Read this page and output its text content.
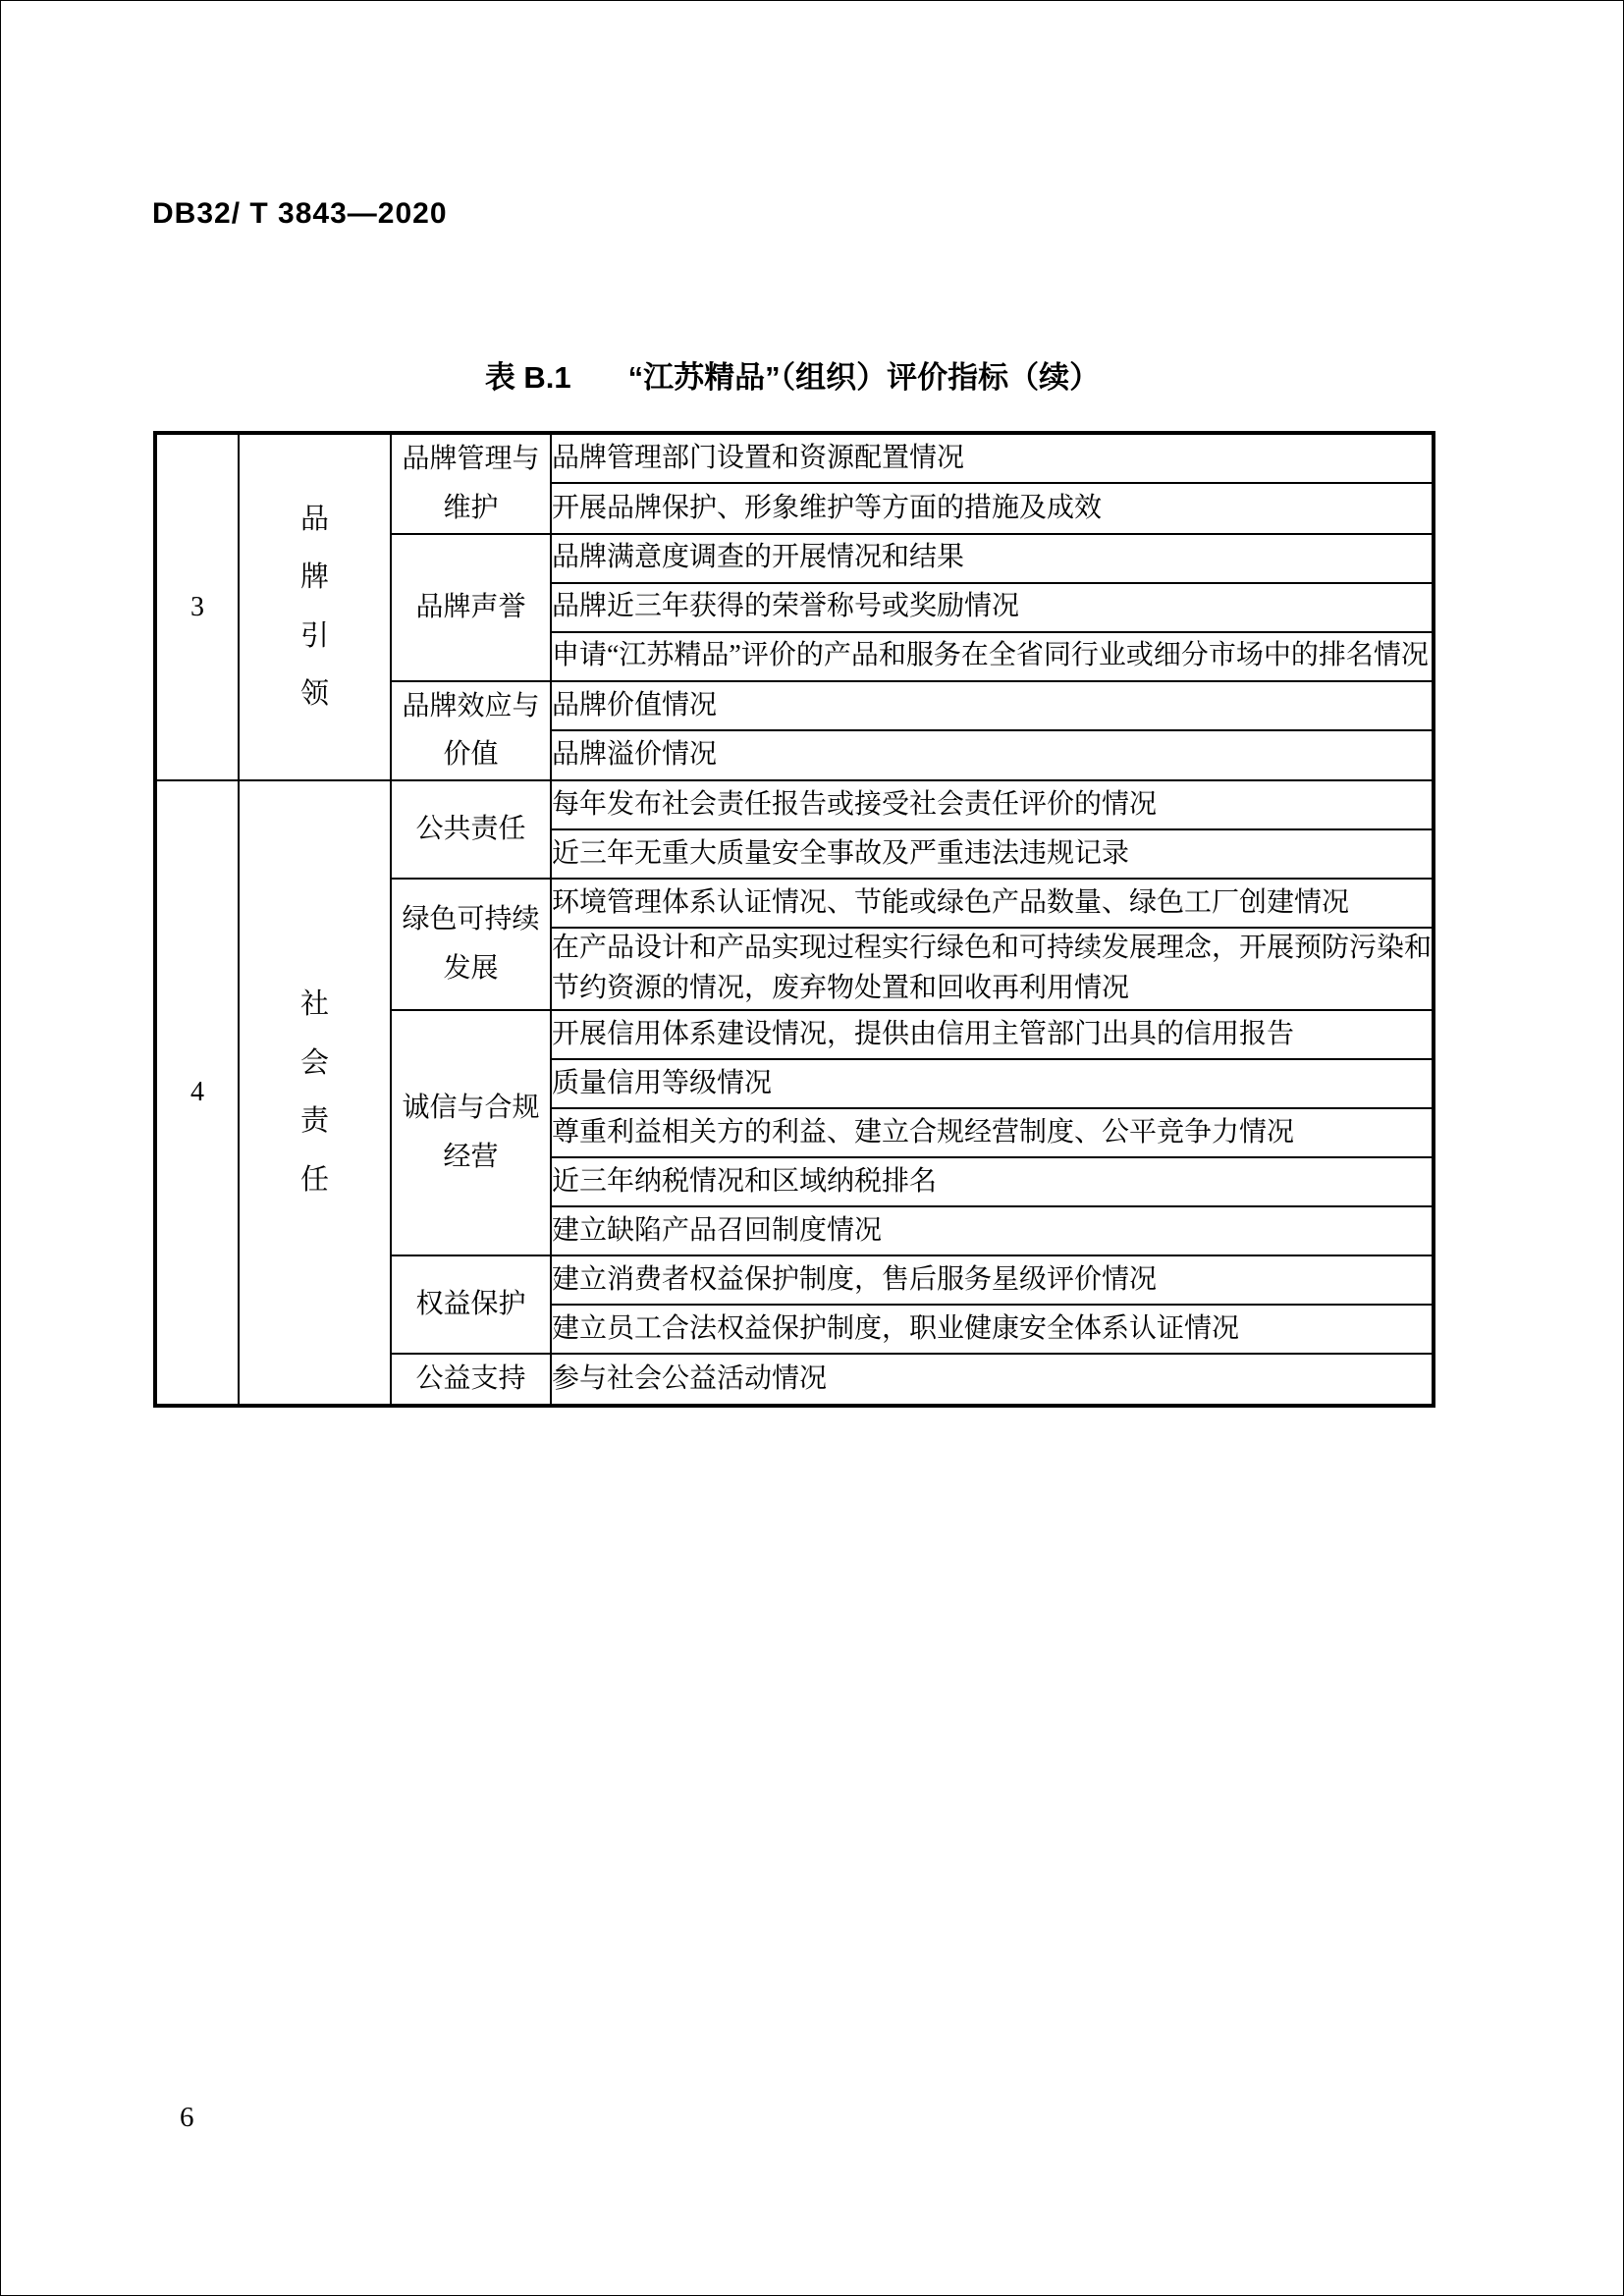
DB32/ T 3843—2020
表 B.1 “江苏精品”（组织）评价指标（续）
3	品牌引领	品牌管理与维护	品牌管理部门设置和资源配置情况
			开展品牌保护、形象维护等方面的措施及成效
		品牌声誉	品牌满意度调查的开展情况和结果
			品牌近三年获得的荣誉称号或奖励情况
			申请“江苏精品”评价的产品和服务在全省同行业或细分市场中的排名情况
		品牌效应与价值	品牌价值情况
			品牌溢价情况
4	社会责任	公共责任	每年发布社会责任报告或接受社会责任评价的情况
			近三年无重大质量安全事故及严重违法违规记录
		绿色可持续发展	环境管理体系认证情况、节能或绿色产品数量、绿色工厂创建情况
			在产品设计和产品实现过程实行绿色和可持续发展理念，开展预防污染和节约资源的情况，废弃物处置和回收再利用情况
		诚信与合规经营	开展信用体系建设情况，提供由信用主管部门出具的信用报告
			质量信用等级情况
			尊重利益相关方的利益、建立合规经营制度、公平竞争力情况
			近三年纳税情况和区域纳税排名
			建立缺陷产品召回制度情况
		权益保护	建立消费者权益保护制度，售后服务星级评价情况
			建立员工合法权益保护制度，职业健康安全体系认证情况
		公益支持	参与社会公益活动情况
6
